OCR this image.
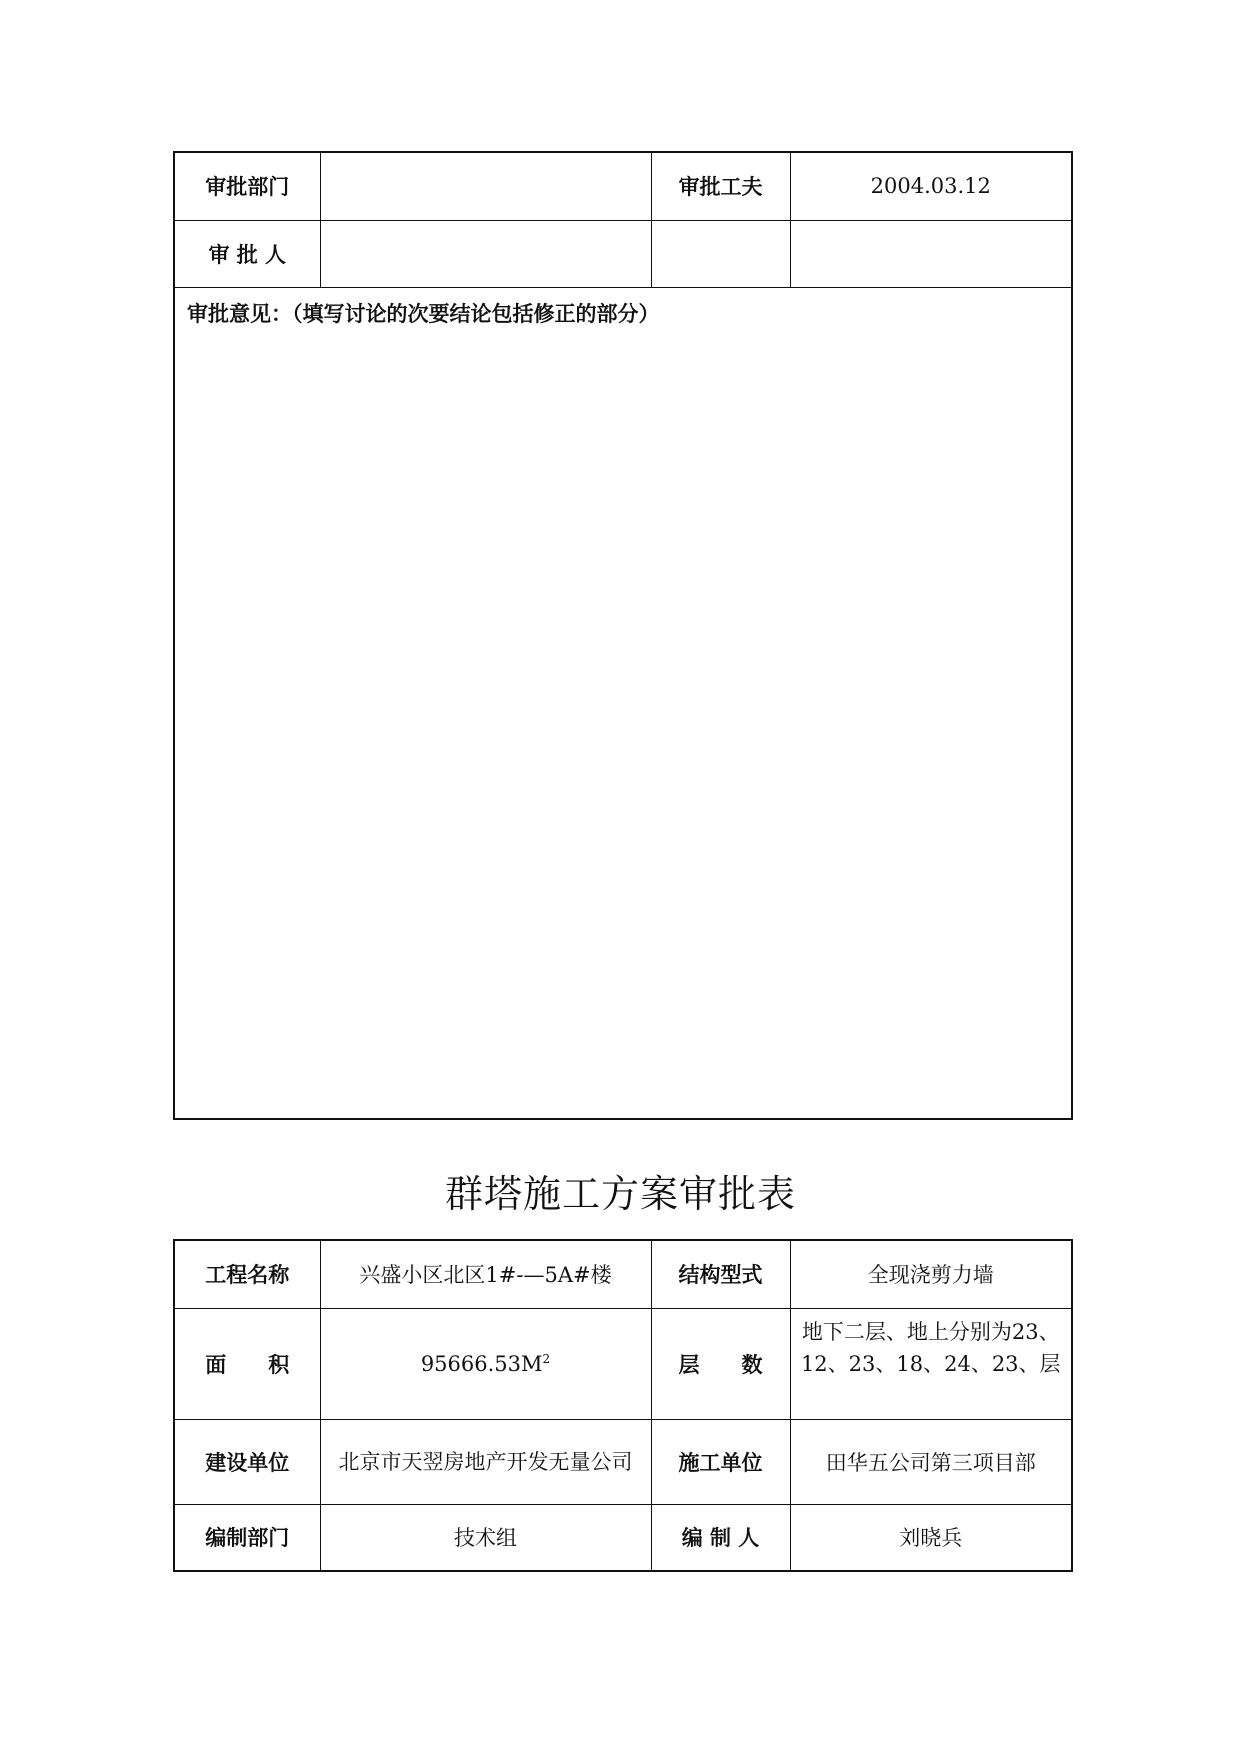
审批部门		审批工夫	2004.03.12
审 批 人			
审批意见：（填写讨论的次要结论包括修正的部分）			
群塔施工方案审批表
工程名称	兴盛小区北区1#-—5A#楼	结构型式	全现浇剪力墙
面　　积	$95666.53M^2$	层　　数	地下二层、地上分别为23、12、23、18、24、23、层

建设单位	北京市天翌房地产开发无量公司	施工单位	田华五公司第三项目部
编制部门	技术组	编 制 人	刘晓兵
